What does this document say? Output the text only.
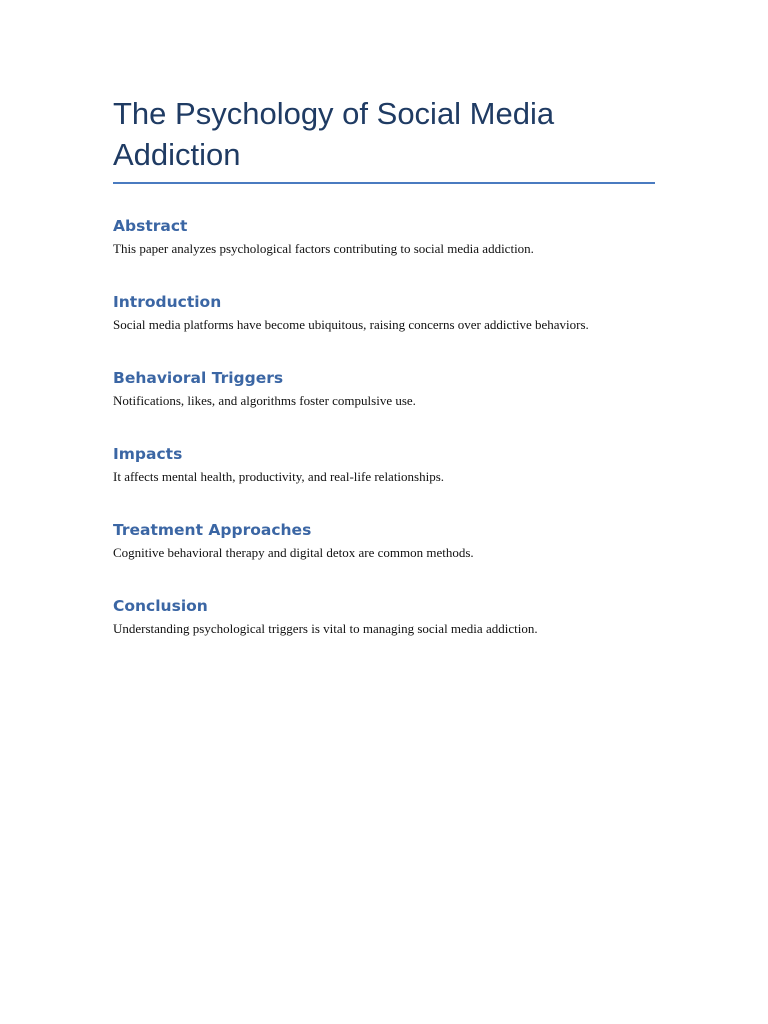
The Psychology of Social Media Addiction
Abstract

This paper analyzes psychological factors contributing to social media addiction.

Introduction

Social media platforms have become ubiquitous, raising concerns over addictive behaviors.

Behavioral Triggers

Notifications, likes, and algorithms foster compulsive use.

Impacts

It affects mental health, productivity, and real-life relationships.

Treatment Approaches

Cognitive behavioral therapy and digital detox are common methods.

Conclusion

Understanding psychological triggers is vital to managing social media addiction.
